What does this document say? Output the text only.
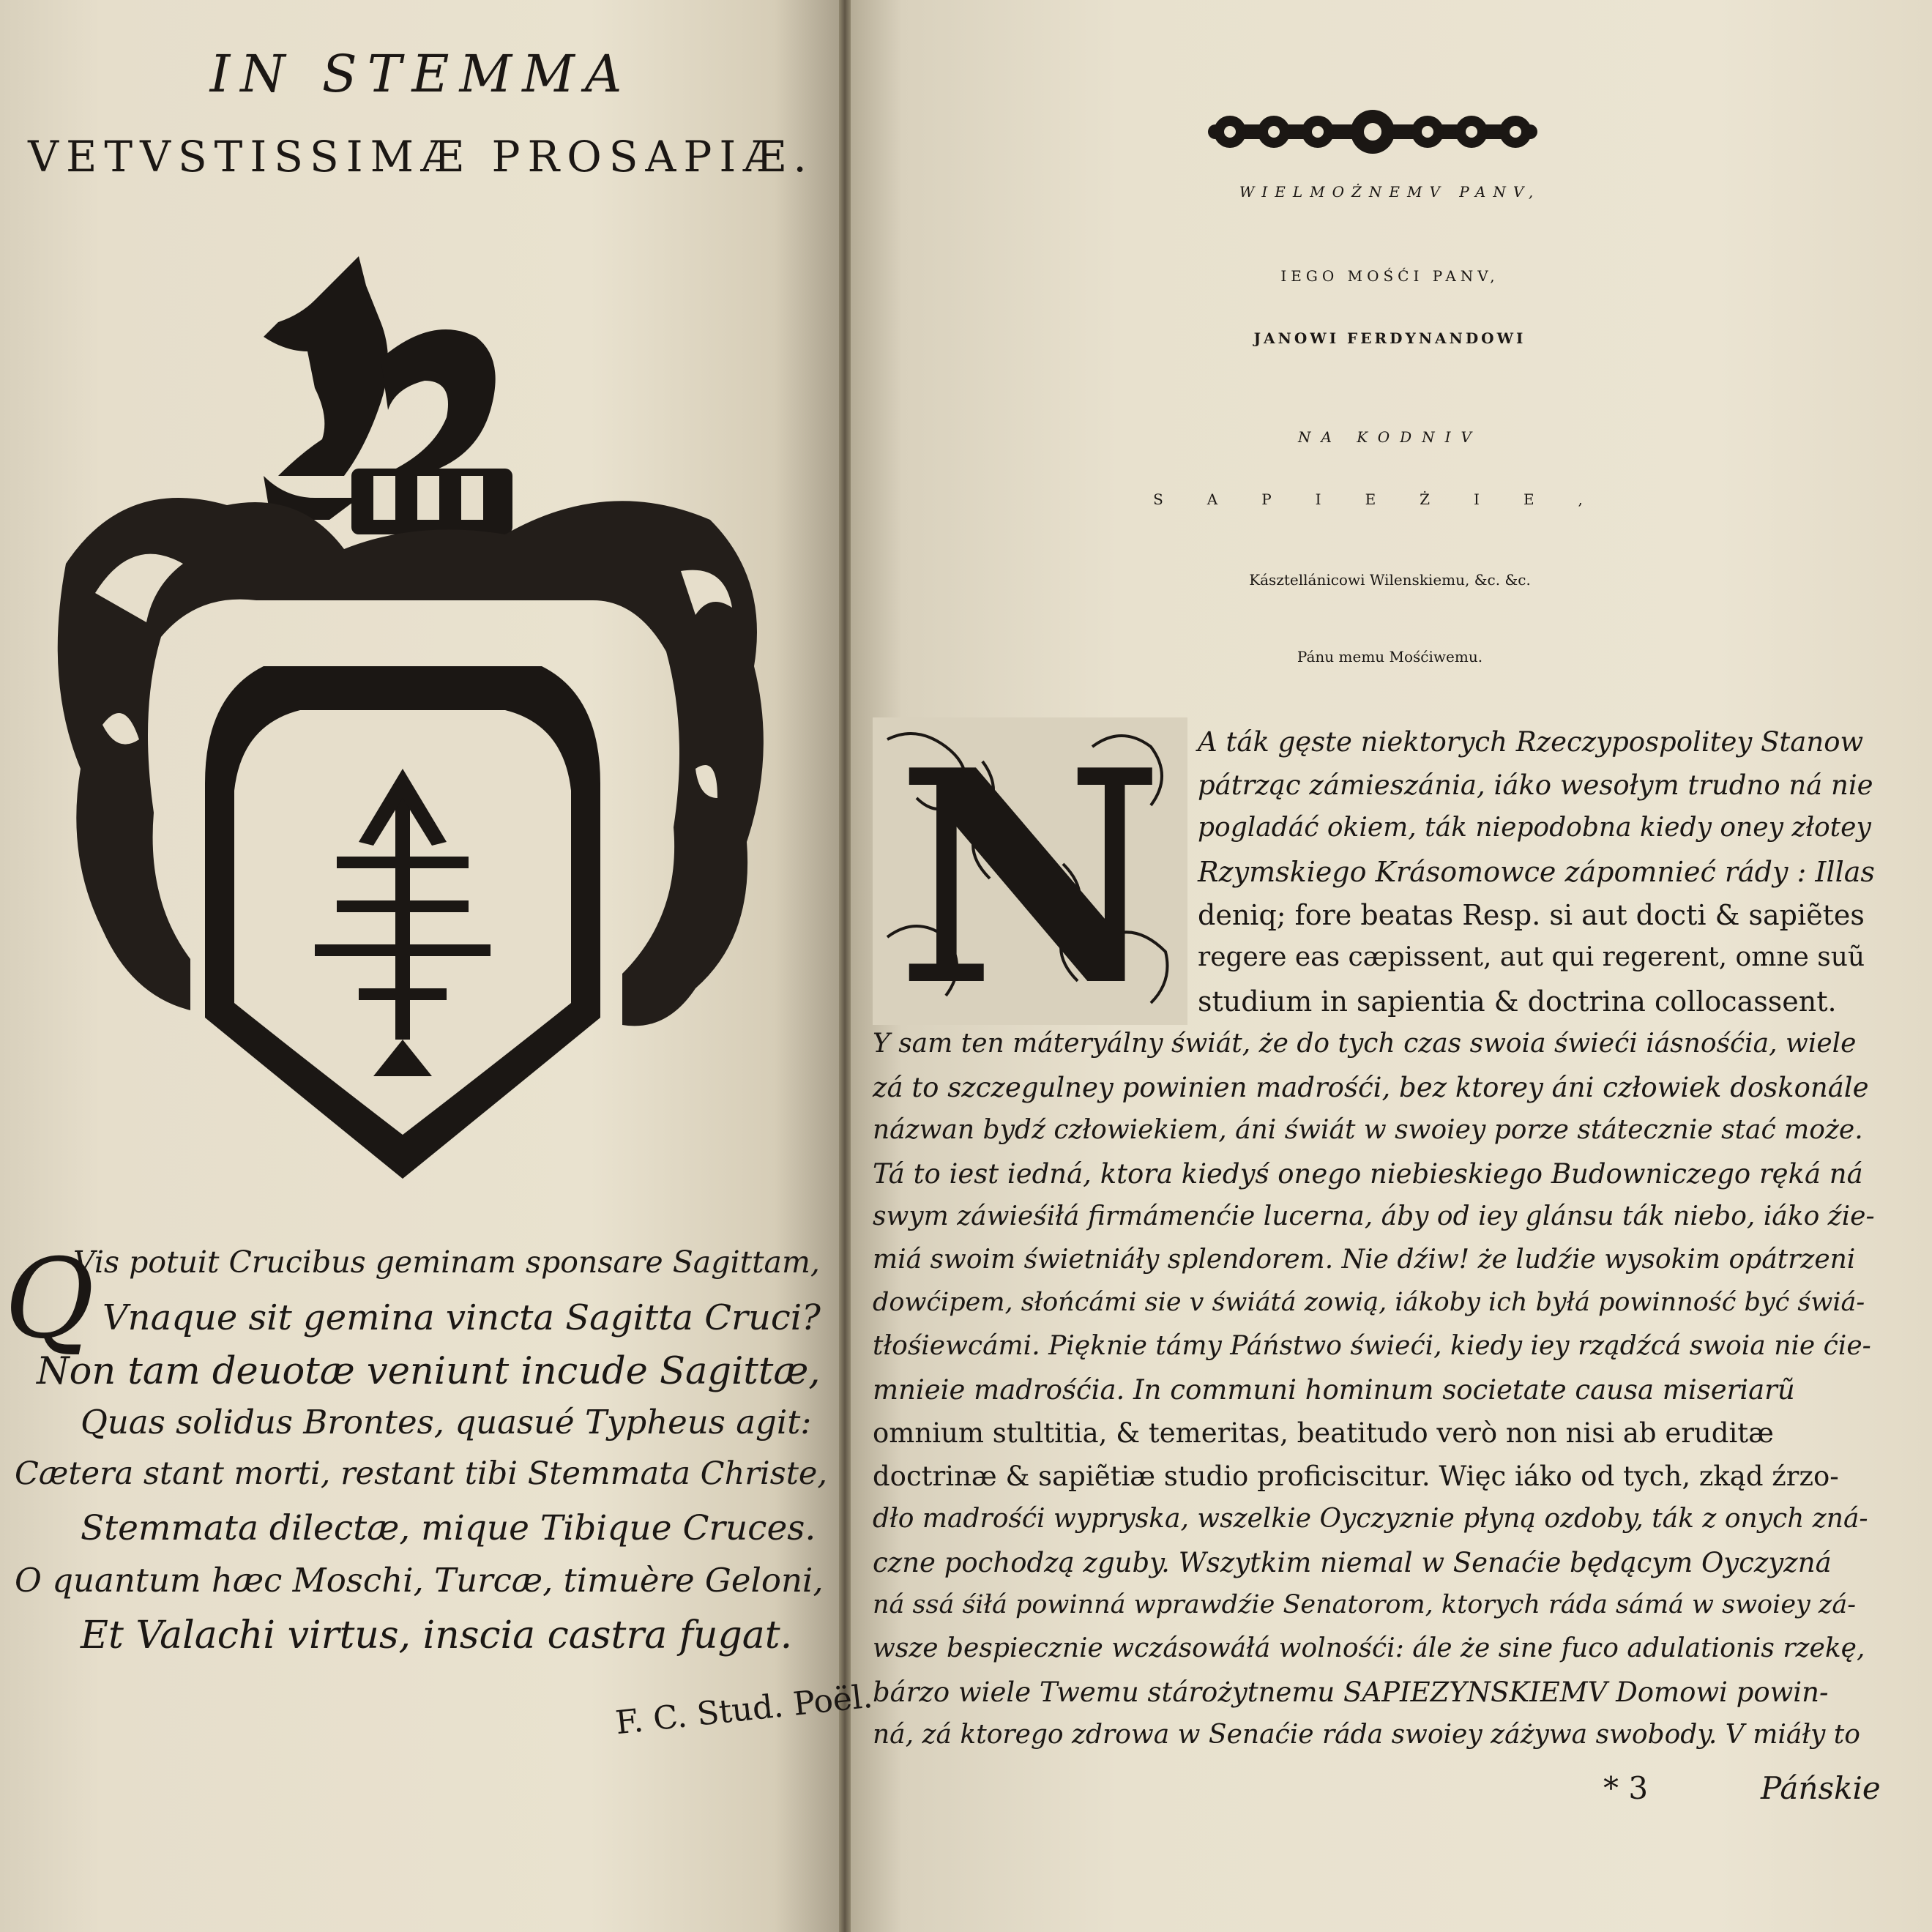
IN STEMMA
VETVSTISSIMÆ PROSAPIÆ.
Q
Vis potuit Crucibus geminam sponsare Sagittam,
Vnaque sit gemina vincta Sagitta Cruci?
Non tam deuotæ veniunt incude Sagittæ,
Quas solidus Brontes, quasué Typheus agit:
Cætera stant morti, restant tibi Stemmata Christe,
Stemmata dilectæ, mique Tibique Cruces.
O quantum hæc Moschi, Turcæ, timuère Geloni,
Et Valachi virtus, inscia castra fugat.
F. C. Stud. Poël.
WIELMOŻNEMV PANV,
IEGO MOŚĆI PANV,
JANOWI FERDYNANDOWI
NA KODNIV
SAPIEŻIE,
Kásztellánicowi Wilenskiemu, &c. &c.
Pánu memu Mośćiwemu.
N A ták gęste niektorych Rzeczypospolitey Stanow
pátrząc zámieszánia, iáko wesołym trudno ná nie
pogladáć okiem, ták niepodobna kiedy oney złotey
Rzymskiego Krásomowce zápomnieć rády : Illas
deniq; fore beatas Resp. si aut docti & sapiẽtes
regere eas cæpissent, aut qui regerent, omne suũ
studium in sapientia & doctrina collocassent.
Y sam ten máteryálny świát, że do tych czas swoia świeći iásnośćia, wiele
zá to szczegulney powinien madrośći, bez ktorey áni człowiek doskonále
názwan bydź człowiekiem, áni świát w swoiey porze státecznie stać może.
Tá to iest iedná, ktora kiedyś onego niebieskiego Budowniczego ręká ná
swym záwieśiłá firmámenćie lucerna, áby od iey glánsu ták niebo, iáko źie-
miá swoim świetniáły splendorem. Nie dźiw! że ludźie wysokim opátrzeni
dowćipem, słońcámi sie v świátá zowią, iákoby ich byłá powinność być świá-
tłośiewcámi. Pięknie támy Páństwo świeći, kiedy iey rządźcá swoia nie ćie-
mnieie madrośćia. In communi hominum societate causa miseriarũ
omnium stultitia, & temeritas, beatitudo verò non nisi ab eruditæ
doctrinæ & sapiẽtiæ studio proficiscitur. Więc iáko od tych, zkąd źrzo-
dło madrośći wypryska, wszelkie Oyczyznie płyną ozdoby, ták z onych zná-
czne pochodzą zguby. Wszytkim niemal w Senaćie będącym Oyczyzná
ná ssá śiłá powinná wprawdźie Senatorom, ktorych ráda sámá w swoiey zá-
wsze bespiecznie wczásowáłá wolnośći: ále że sine fuco adulationis rzekę,
bárzo wiele Twemu stárożytnemu SAPIEZYNSKIEMV Domowi powin-
ná, zá ktorego zdrowa w Senaćie ráda swoiey záżywa swobody. V miáły to
* 3	Páńskie
